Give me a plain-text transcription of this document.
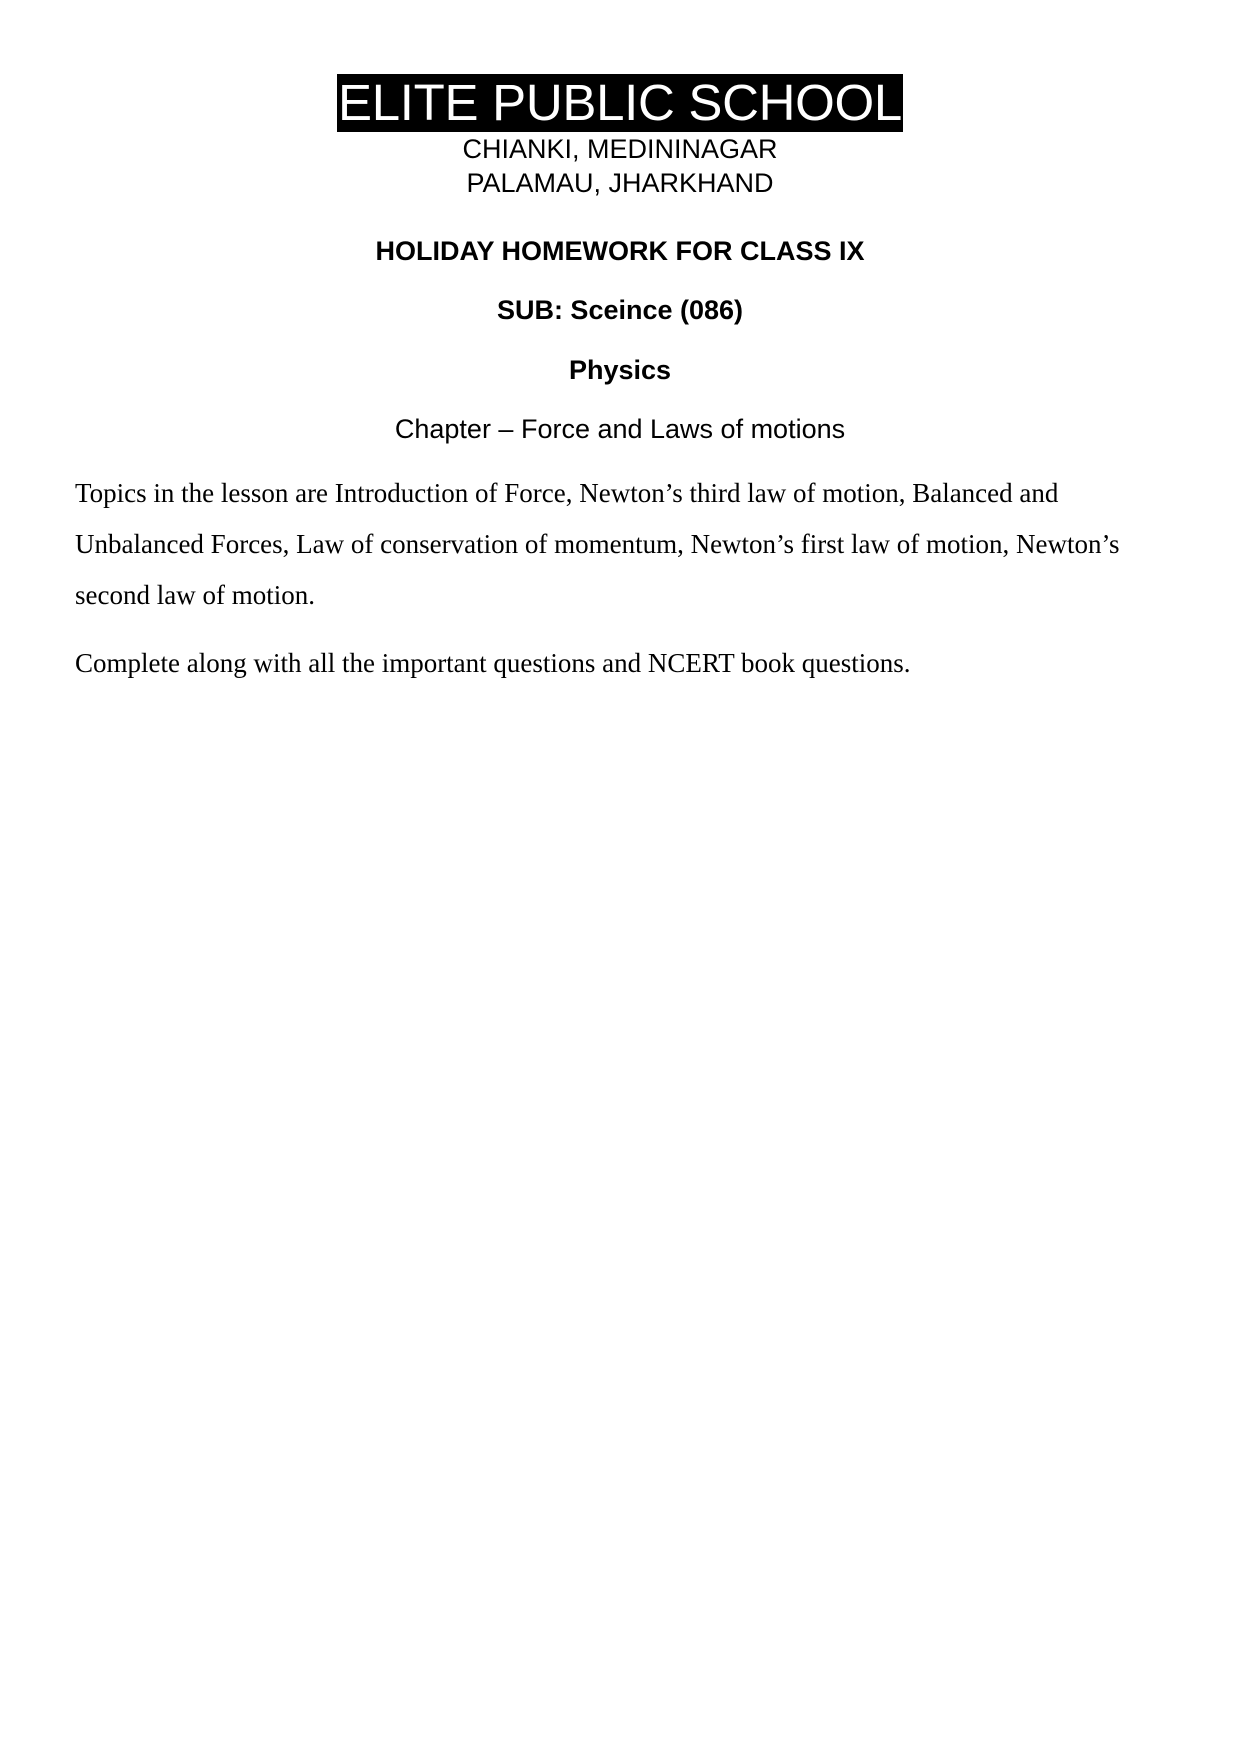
ELITE PUBLIC SCHOOL
CHIANKI, MEDININAGAR
PALAMAU, JHARKHAND
HOLIDAY HOMEWORK FOR CLASS IX
SUB: Sceince (086)
Physics
Chapter – Force and Laws of motions

Topics in the lesson are Introduction of Force, Newton’s third law of motion, Balanced and Unbalanced Forces, Law of conservation of momentum, Newton’s first law of motion, Newton’s second law of motion.

Complete along with all the important questions and NCERT book questions.
